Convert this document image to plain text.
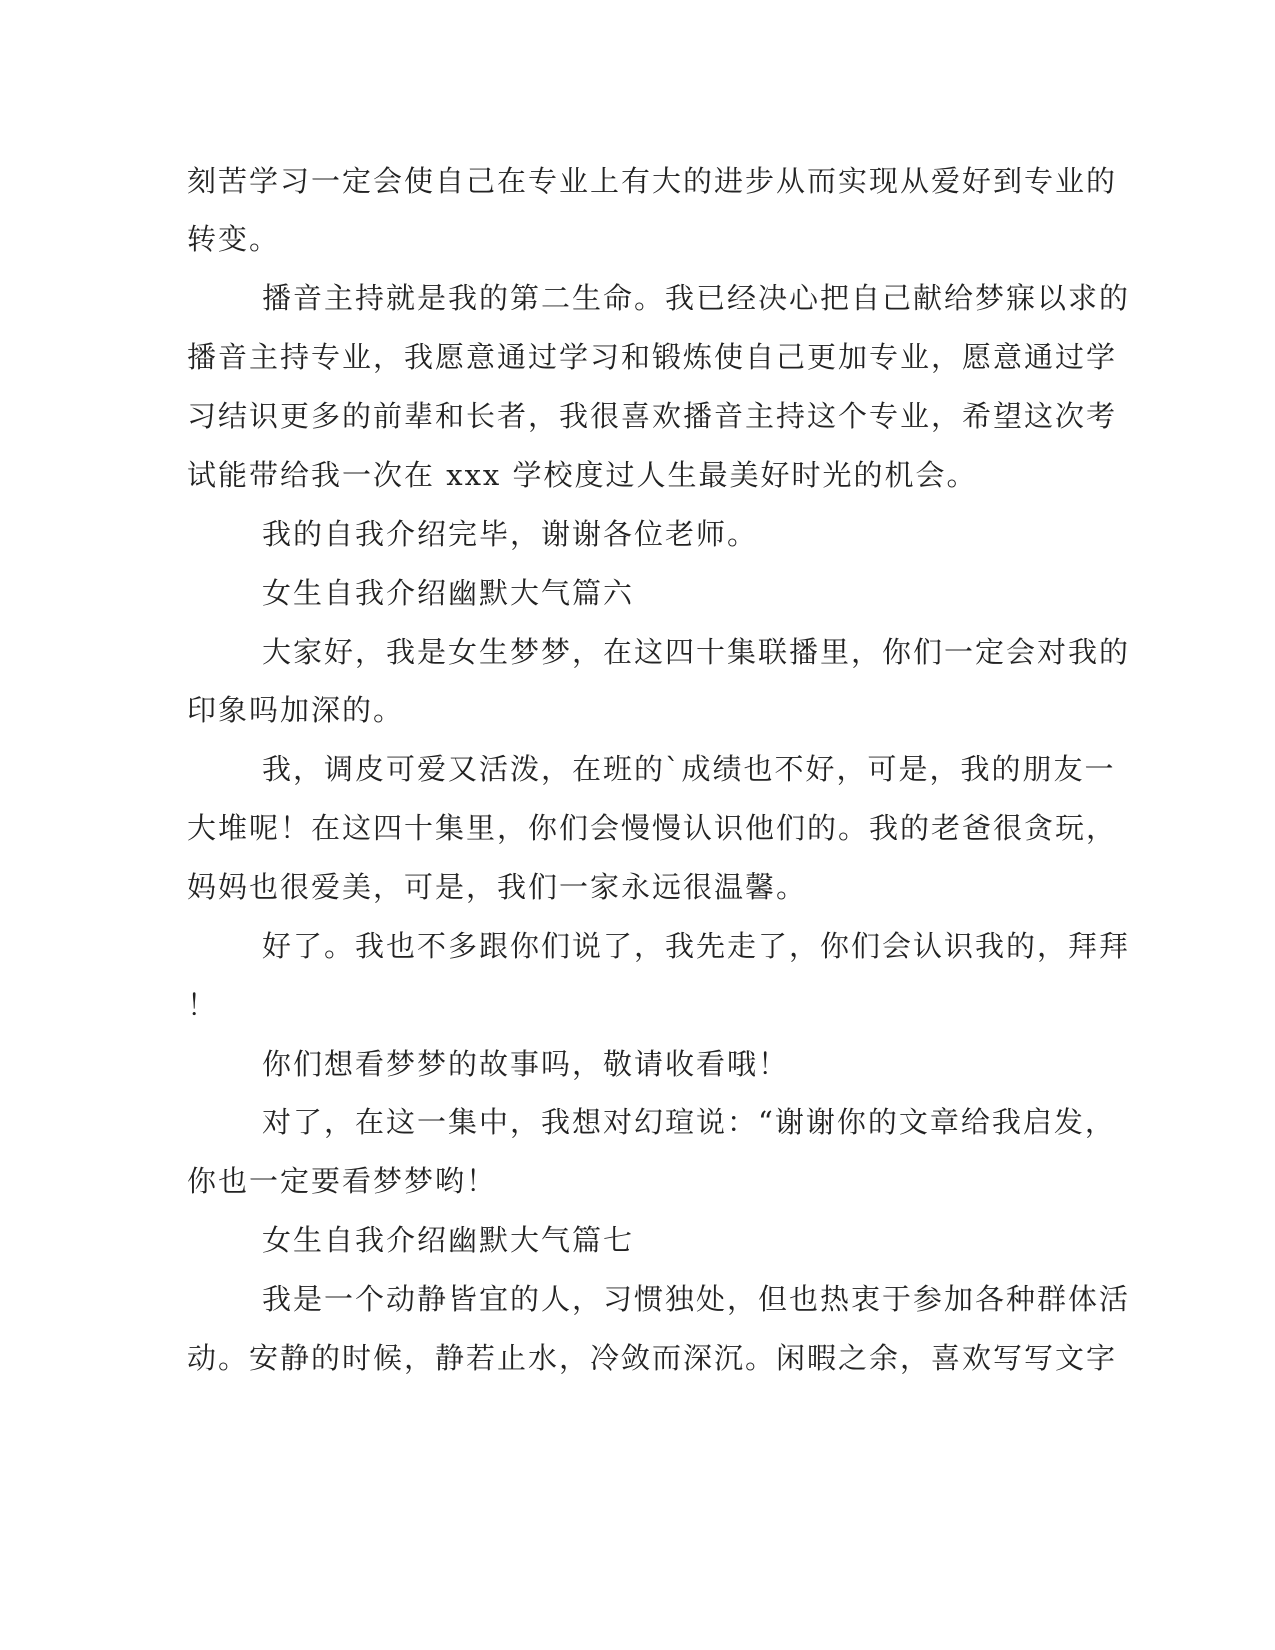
刻苦学习一定会使自己在专业上有大的进步从而实现从爱好到专业的
转变。
播音主持就是我的第二生命。我已经决心把自己献给梦寐以求的
播音主持专业，我愿意通过学习和锻炼使自己更加专业，愿意通过学
习结识更多的前辈和长者，我很喜欢播音主持这个专业，希望这次考
试能带给我一次在 xxx 学校度过人生最美好时光的机会。
我的自我介绍完毕，谢谢各位老师。
女生自我介绍幽默大气篇六
大家好，我是女生梦梦，在这四十集联播里，你们一定会对我的
印象吗加深的。
我，调皮可爱又活泼，在班的`成绩也不好，可是，我的朋友一
大堆呢！在这四十集里，你们会慢慢认识他们的。我的老爸很贪玩，
妈妈也很爱美，可是，我们一家永远很温馨。
好了。我也不多跟你们说了，我先走了，你们会认识我的，拜拜
！
你们想看梦梦的故事吗，敬请收看哦！
对了，在这一集中，我想对幻瑄说：“谢谢你的文章给我启发，
你也一定要看梦梦哟！
女生自我介绍幽默大气篇七
我是一个动静皆宜的人，习惯独处，但也热衷于参加各种群体活
动。安静的时候，静若止水，冷敛而深沉。闲暇之余，喜欢写写文字
